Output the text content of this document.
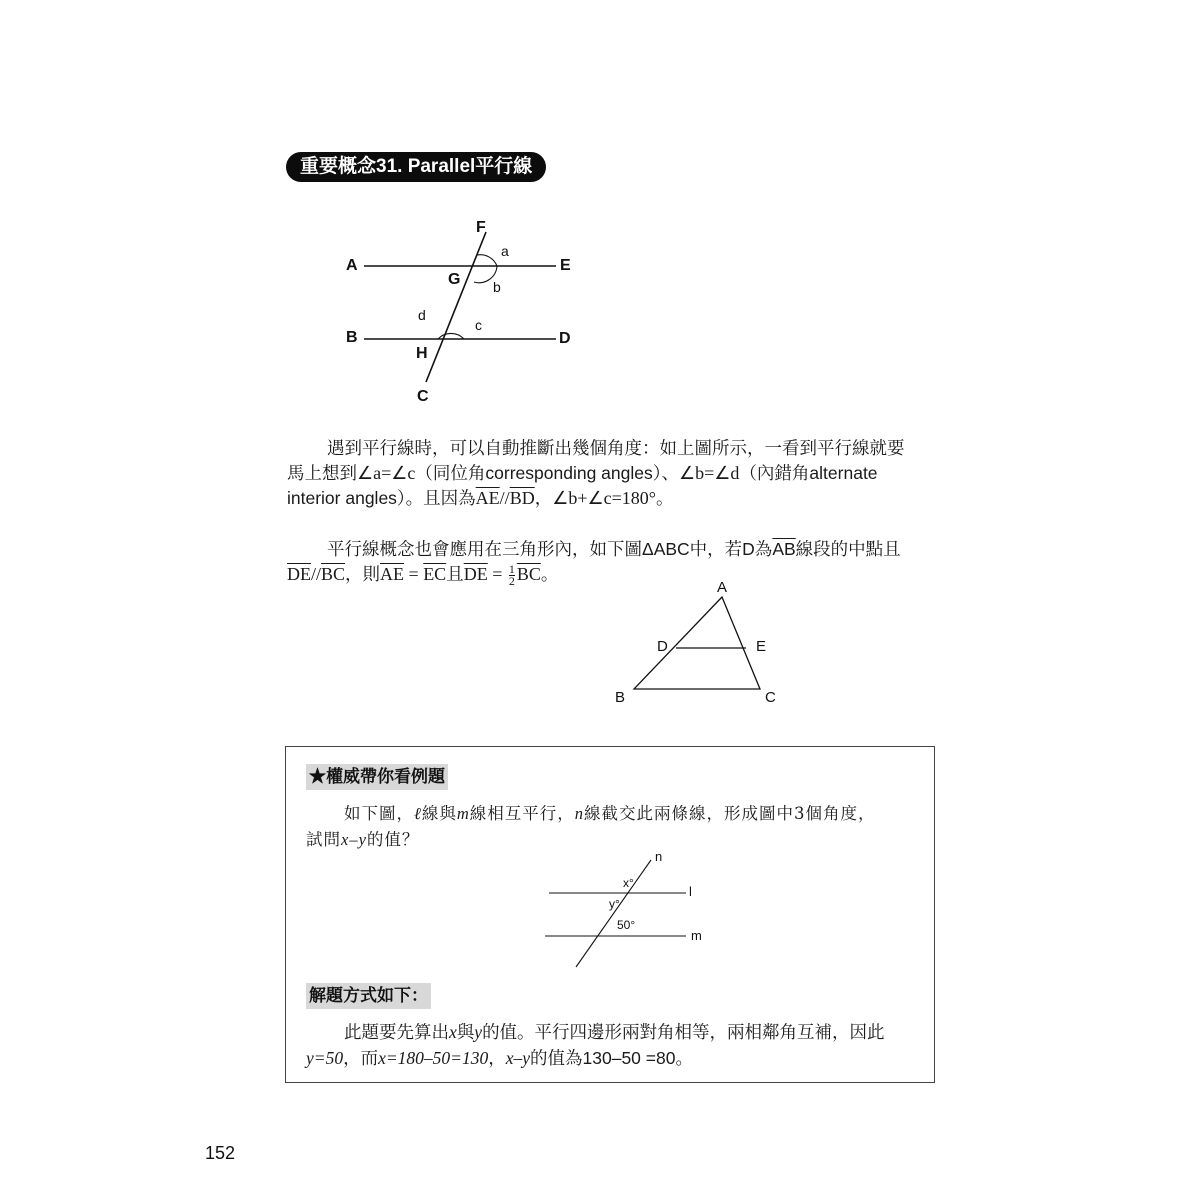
重要概念31. Parallel平行線
A	E
F
G
B	D
H
C
a
b
c
d
遇到平行線時，可以自動推斷出幾個角度：如上圖所示，一看到平行線就要
馬上想到∠a=∠c（同位角corresponding angles）、∠b=∠d（內錯角alternate
interior angles）。且因為$\overline{AE}//\overline{BD}$，∠b+∠c=180°。
平行線概念也會應用在三角形內，如下圖ΔABC中，若D為$\overline{AB}$線段的中點且
$\overline{DE}//\overline{BC}$，則$\overline{AE} = \overline{EC}$且$\overline{DE} = \frac{1}{2} \overline{BC}$。
A
D	E
B	C
★權威帶你看例題
如下圖，ℓ線與m線相互平行，n線截交此兩條線，形成圖中3個角度，
試問x–y的值？
n
l
m
x°
y°
50°
解題方式如下：
此題要先算出x與y的值。平行四邊形兩對角相等，兩相鄰角互補，因此
y=50，而x=180–50=130，x–y的值為130–50 =80。
152
